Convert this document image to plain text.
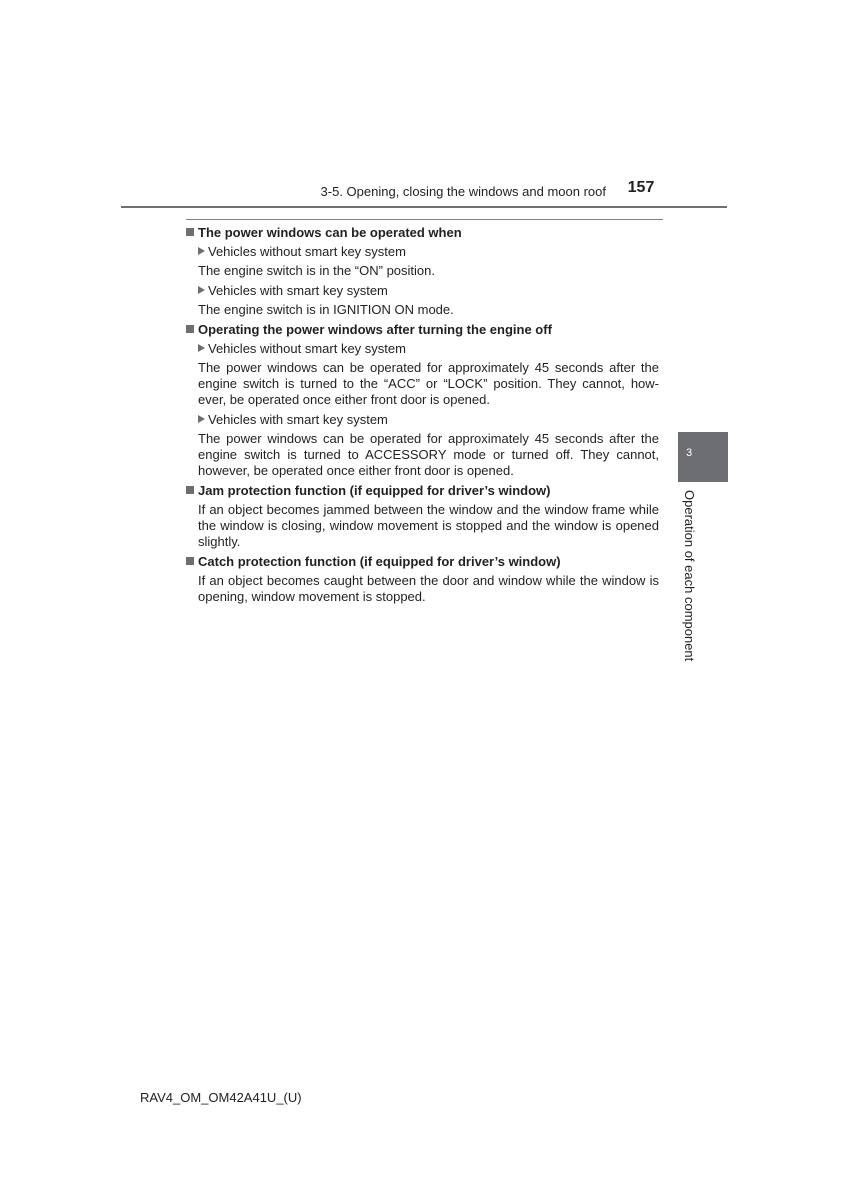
3-5. Opening, closing the windows and moon roof	157

The power windows can be operated when

Vehicles without smart key system

The engine switch is in the “ON” position.

Vehicles with smart key system

The engine switch is in IGNITION ON mode.

Operating the power windows after turning the engine off

Vehicles without smart key system

The power windows can be operated for approximately 45 seconds after the engine switch is turned to the “ACC” or “LOCK” position. They cannot, how-ever, be operated once either front door is opened.

Vehicles with smart key system

The power windows can be operated for approximately 45 seconds after the engine switch is turned to ACCESSORY mode or turned off. They cannot, however, be operated once either front door is opened.

Jam protection function (if equipped for driver’s window)

If an object becomes jammed between the window and the window frame while the window is closing, window movement is stopped and the window is opened slightly.

Catch protection function (if equipped for driver’s window)

If an object becomes caught between the door and window while the window is opening, window movement is stopped.

3
Operation of each component
RAV4_OM_OM42A41U_(U)
